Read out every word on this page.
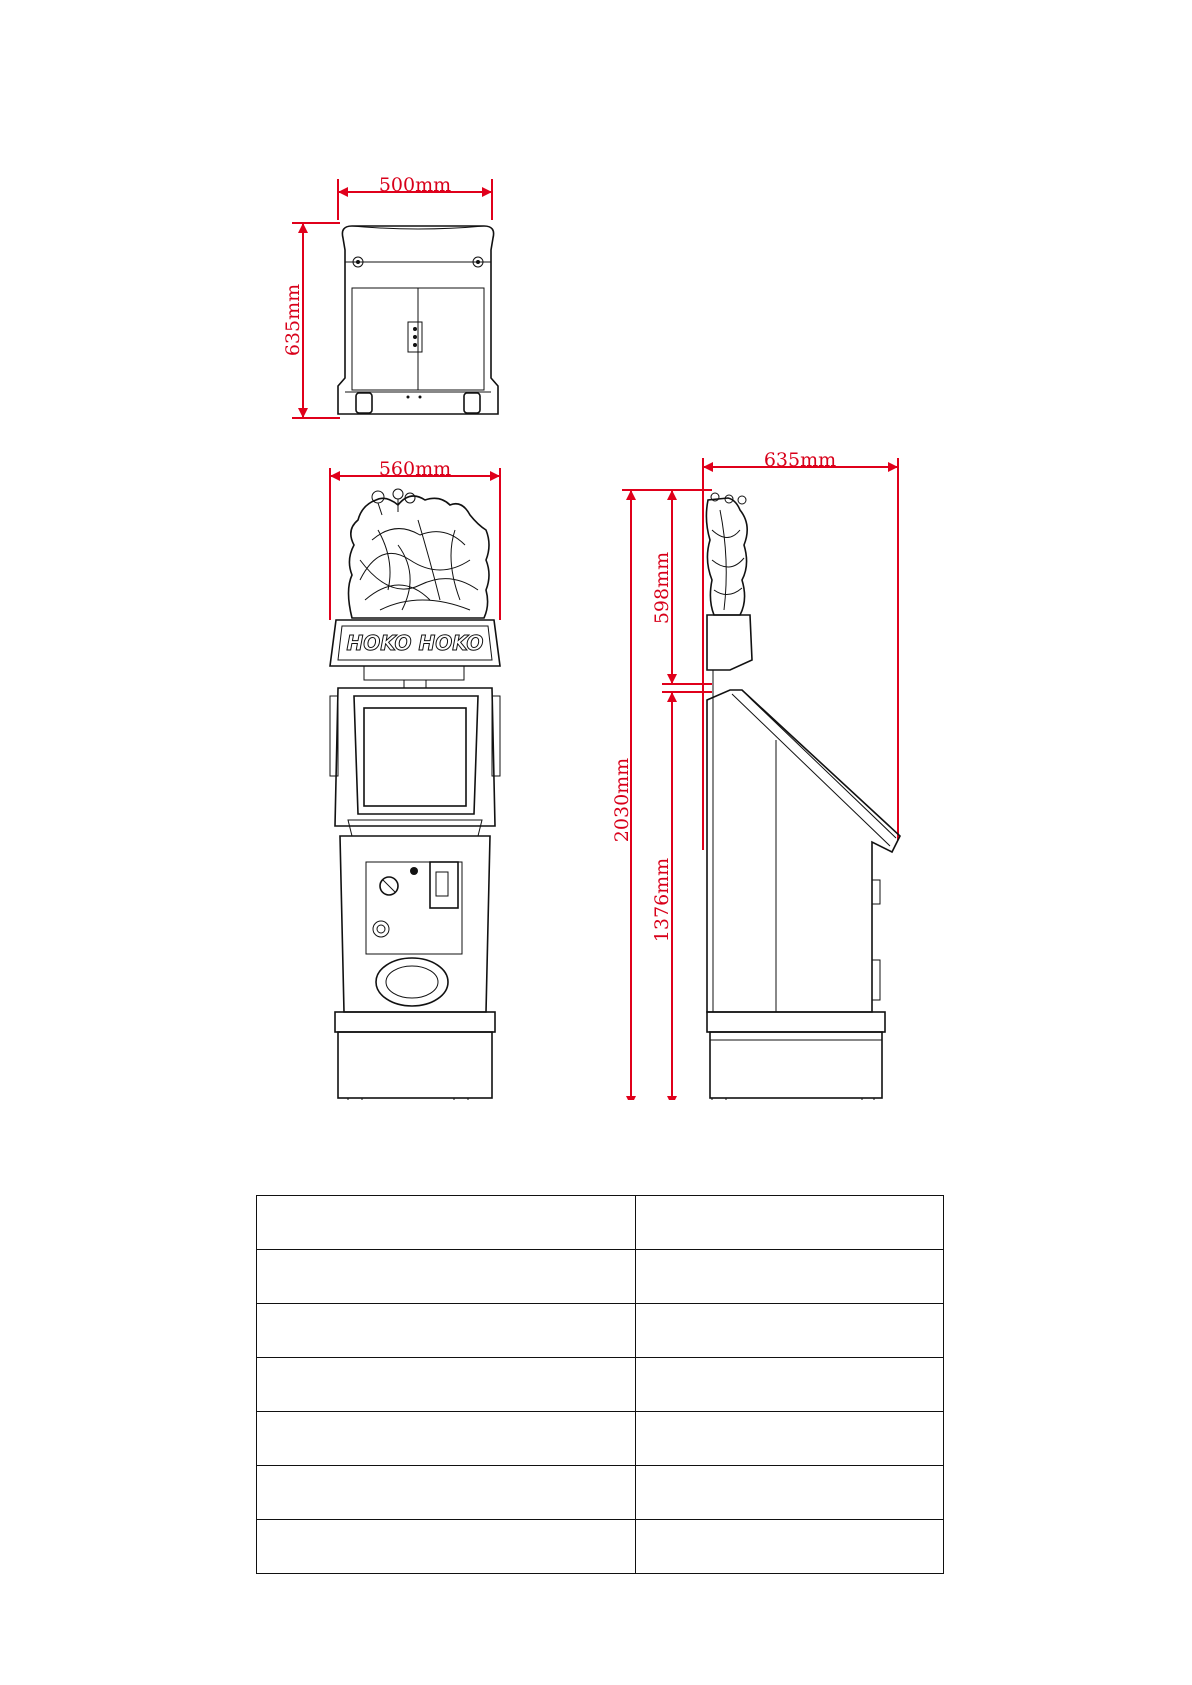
500mm
635mm
560mm
HOKO HOKO
635mm
2030mm
598mm
1376mm
